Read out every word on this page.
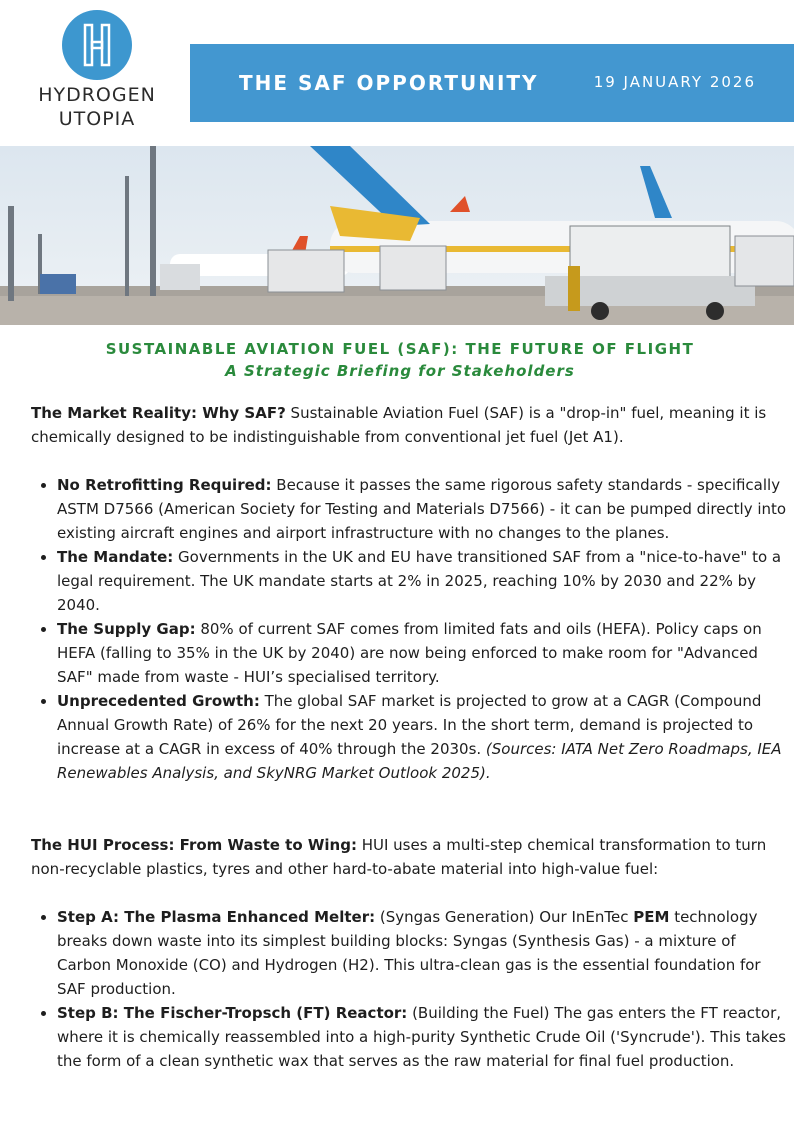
HYDROGEN
UTOPIA
THE SAF OPPORTUNITY	19 JANUARY 2026
SUSTAINABLE AVIATION FUEL (SAF): THE FUTURE OF FLIGHT
A Strategic Briefing for Stakeholders
The Market Reality: Why SAF? Sustainable Aviation Fuel (SAF) is a "drop-in" fuel, meaning it is chemically designed to be indistinguishable from conventional jet fuel (Jet A1).
• No Retrofitting Required: Because it passes the same rigorous safety standards - specifically ASTM D7566 (American Society for Testing and Materials D7566) - it can be pumped directly into existing aircraft engines and airport infrastructure with no changes to the planes.
• The Mandate: Governments in the UK and EU have transitioned SAF from a "nice-to-have" to a legal requirement. The UK mandate starts at 2% in 2025, reaching 10% by 2030 and 22% by 2040.
• The Supply Gap: 80% of current SAF comes from limited fats and oils (HEFA). Policy caps on HEFA (falling to 35% in the UK by 2040) are now being enforced to make room for "Advanced SAF" made from waste - HUI’s specialised territory.
• Unprecedented Growth: The global SAF market is projected to grow at a CAGR (Compound Annual Growth Rate) of 26% for the next 20 years. In the short term, demand is projected to increase at a CAGR in excess of 40% through the 2030s. (Sources: IATA Net Zero Roadmaps, IEA Renewables Analysis, and SkyNRG Market Outlook 2025).
The HUI Process: From Waste to Wing: HUI uses a multi-step chemical transformation to turn non-recyclable plastics, tyres and other hard-to-abate material into high-value fuel:
• Step A: The Plasma Enhanced Melter: (Syngas Generation) Our InEnTec PEM technology breaks down waste into its simplest building blocks: Syngas (Synthesis Gas) - a mixture of Carbon Monoxide (CO) and Hydrogen (H2). This ultra-clean gas is the essential foundation for SAF production.
• Step B: The Fischer-Tropsch (FT) Reactor: (Building the Fuel) The gas enters the FT reactor, where it is chemically reassembled into a high-purity Synthetic Crude Oil ('Syncrude'). This takes the form of a clean synthetic wax that serves as the raw material for final fuel production.
